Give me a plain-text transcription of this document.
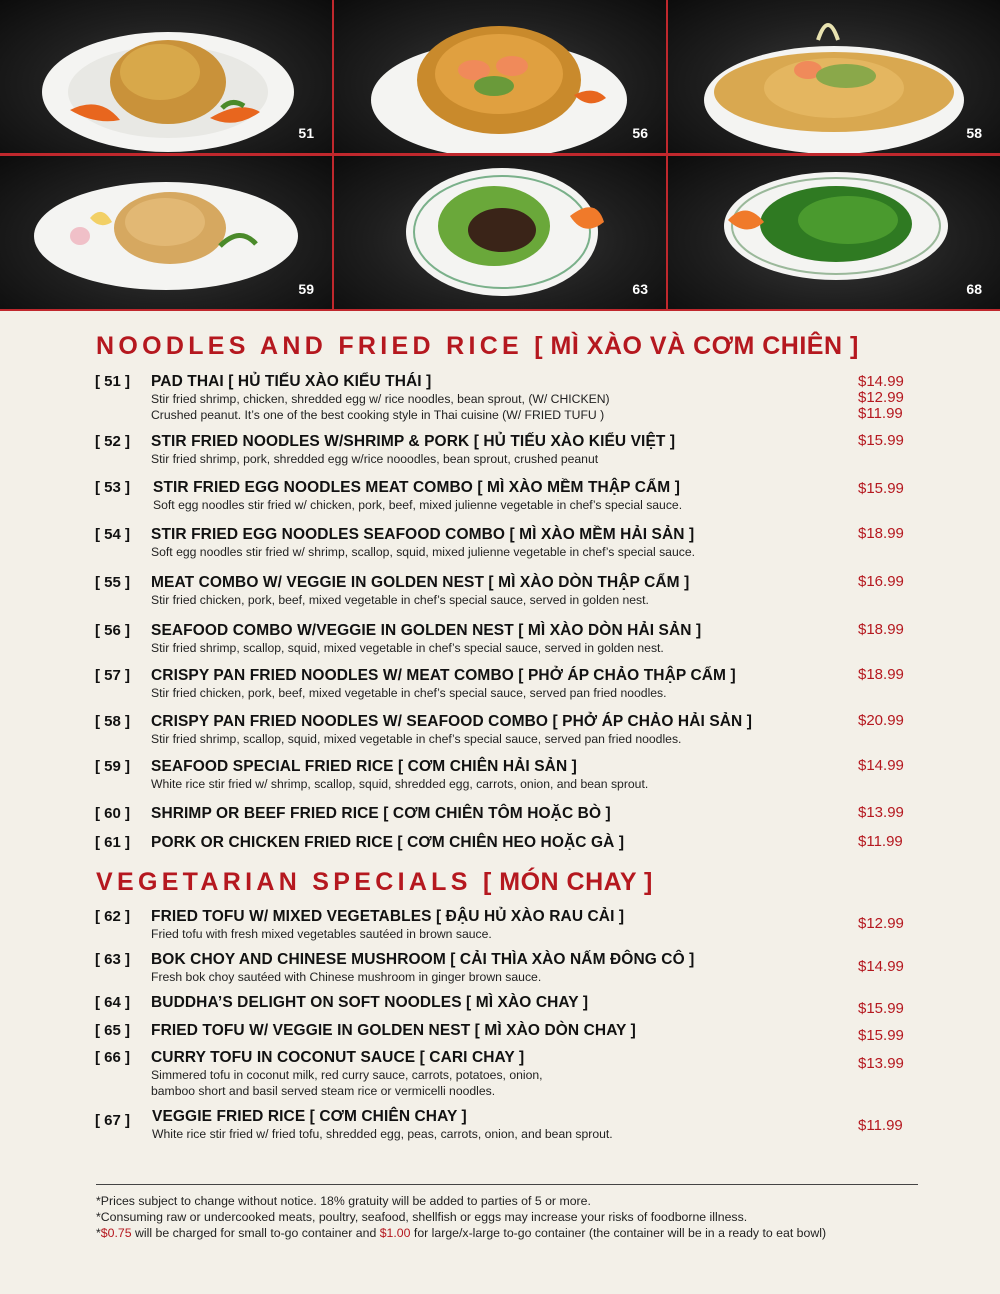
51	56	58
59	63	68
NOODLES AND FRIED RICE [ MÌ XÀO VÀ CƠM CHIÊN ]
[ 51 ] PAD THAI [ HỦ TIẾU XÀO KIỂU THÁI ]
Stir fried shrimp, chicken, shredded egg w/ rice noodles, bean sprout, (W/ CHICKEN)
Crushed peanut. It’s one of the best cooking style in Thai cuisine (W/ FRIED TUFU )
$14.99
$12.99
$11.99
[ 52 ] STIR FRIED NOODLES W/SHRIMP & PORK [ HỦ TIẾU XÀO KIỂU VIỆT ]
Stir fried shrimp, pork, shredded egg w/rice nooodles, bean sprout, crushed peanut
$15.99
[ 53 ] STIR FRIED EGG NOODLES MEAT COMBO [ MÌ XÀO MỀM THẬP CẨM ]
Soft egg noodles stir fried w/ chicken, pork, beef, mixed julienne vegetable in chef’s special sauce.
$15.99
[ 54 ] STIR FRIED EGG NOODLES SEAFOOD COMBO [ MÌ XÀO MỀM HẢI SẢN ]
Soft egg noodles stir fried w/ shrimp, scallop, squid, mixed julienne vegetable in chef’s special sauce.
$18.99
[ 55 ] MEAT COMBO W/ VEGGIE IN GOLDEN NEST [ MÌ XÀO DÒN THẬP CẨM ]
Stir fried chicken, pork, beef, mixed vegetable in chef’s special sauce, served in golden nest.
$16.99
[ 56 ] SEAFOOD COMBO W/VEGGIE IN GOLDEN NEST [ MÌ XÀO DÒN HẢI SẢN ]
Stir fried shrimp, scallop, squid, mixed vegetable in chef’s special sauce, served in golden nest.
$18.99
[ 57 ] CRISPY PAN FRIED NOODLES W/ MEAT COMBO [ PHỞ ÁP CHẢO THẬP CẨM ]
Stir fried chicken, pork, beef, mixed vegetable in chef’s special sauce, served pan fried noodles.
$18.99
[ 58 ] CRISPY PAN FRIED NOODLES W/ SEAFOOD COMBO [ PHỞ ÁP CHẢO HẢI SẢN ]
Stir fried shrimp, scallop, squid, mixed vegetable in chef’s special sauce, served pan fried noodles.
$20.99
[ 59 ] SEAFOOD SPECIAL FRIED RICE [ CƠM CHIÊN HẢI SẢN ]
White rice stir fried w/ shrimp, scallop, squid, shredded egg, carrots, onion, and bean sprout.
$14.99
[ 60 ] SHRIMP OR BEEF FRIED RICE [ CƠM CHIÊN TÔM HOẶC BÒ ]	$13.99
[ 61 ] PORK OR CHICKEN FRIED RICE [ CƠM CHIÊN HEO HOẶC GÀ ]	$11.99
VEGETARIAN SPECIALS [ MÓN CHAY ]
[ 62 ] FRIED TOFU W/ MIXED VEGETABLES [ ĐẬU HỦ XÀO RAU CẢI ]
Fried tofu with fresh mixed vegetables sautéed in brown sauce.
$12.99
[ 63 ] BOK CHOY AND CHINESE MUSHROOM [ CẢI THÌA XÀO NẤM ĐÔNG CÔ ]
Fresh bok choy sautéed with Chinese mushroom in ginger brown sauce.
$14.99
[ 64 ] BUDDHA’S DELIGHT ON SOFT NOODLES [ MÌ XÀO CHAY ]	$15.99
[ 65 ] FRIED TOFU W/ VEGGIE IN GOLDEN NEST [ MÌ XÀO DÒN CHAY ]	$15.99
[ 66 ] CURRY TOFU IN COCONUT SAUCE [ CARI CHAY ]
Simmered tofu in coconut milk, red curry sauce, carrots, potatoes, onion,
bamboo short and basil served steam rice or vermicelli noodles.
$13.99
[ 67 ] VEGGIE FRIED RICE [ CƠM CHIÊN CHAY ]
White rice stir fried w/ fried tofu, shredded egg, peas, carrots, onion, and bean sprout.	$11.99
*Prices subject to change without notice. 18% gratuity will be added to parties of 5 or more.
*Consuming raw or undercooked meats, poultry, seafood, shellfish or eggs may increase your risks of foodborne illness.
*$0.75 will be charged for small to-go container and $1.00 for large/x-large to-go container (the container will be in a ready to eat bowl)
